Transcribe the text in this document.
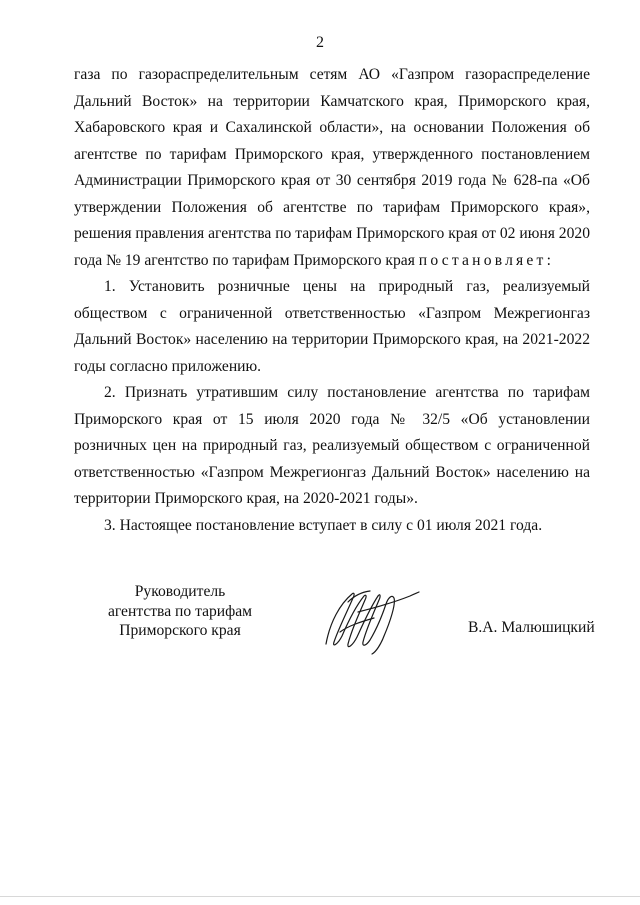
2

газа по газораспределительным сетям АО «Газпром газораспределение Дальний Восток» на территории Камчатского края, Приморского края, Хабаровского края и Сахалинской области», на основании Положения об агентстве по тарифам Приморского края, утвержденного постановлением Администрации Приморского края от 30 сентября 2019 года № 628-па «Об утверждении Положения об агентстве по тарифам Приморского края», решения правления агентства по тарифам Приморского края от 02 июня 2020 года № 19 агентство по тарифам Приморского края постановляет:

1. Установить розничные цены на природный газ, реализуемый обществом с ограниченной ответственностью «Газпром Межрегионгаз Дальний Восток» населению на территории Приморского края, на 2021-2022 годы согласно приложению.

2. Признать утратившим силу постановление агентства по тарифам Приморского края от 15 июля 2020 года № 32/5 «Об установлении розничных цен на природный газ, реализуемый обществом с ограниченной ответственностью «Газпром Межрегионгаз Дальний Восток» населению на территории Приморского края, на 2020-2021 годы».

3. Настоящее постановление вступает в силу с 01 июля 2021 года.

Руководитель
агентства по тарифам
Приморского края	В.А. Малюшицкий
